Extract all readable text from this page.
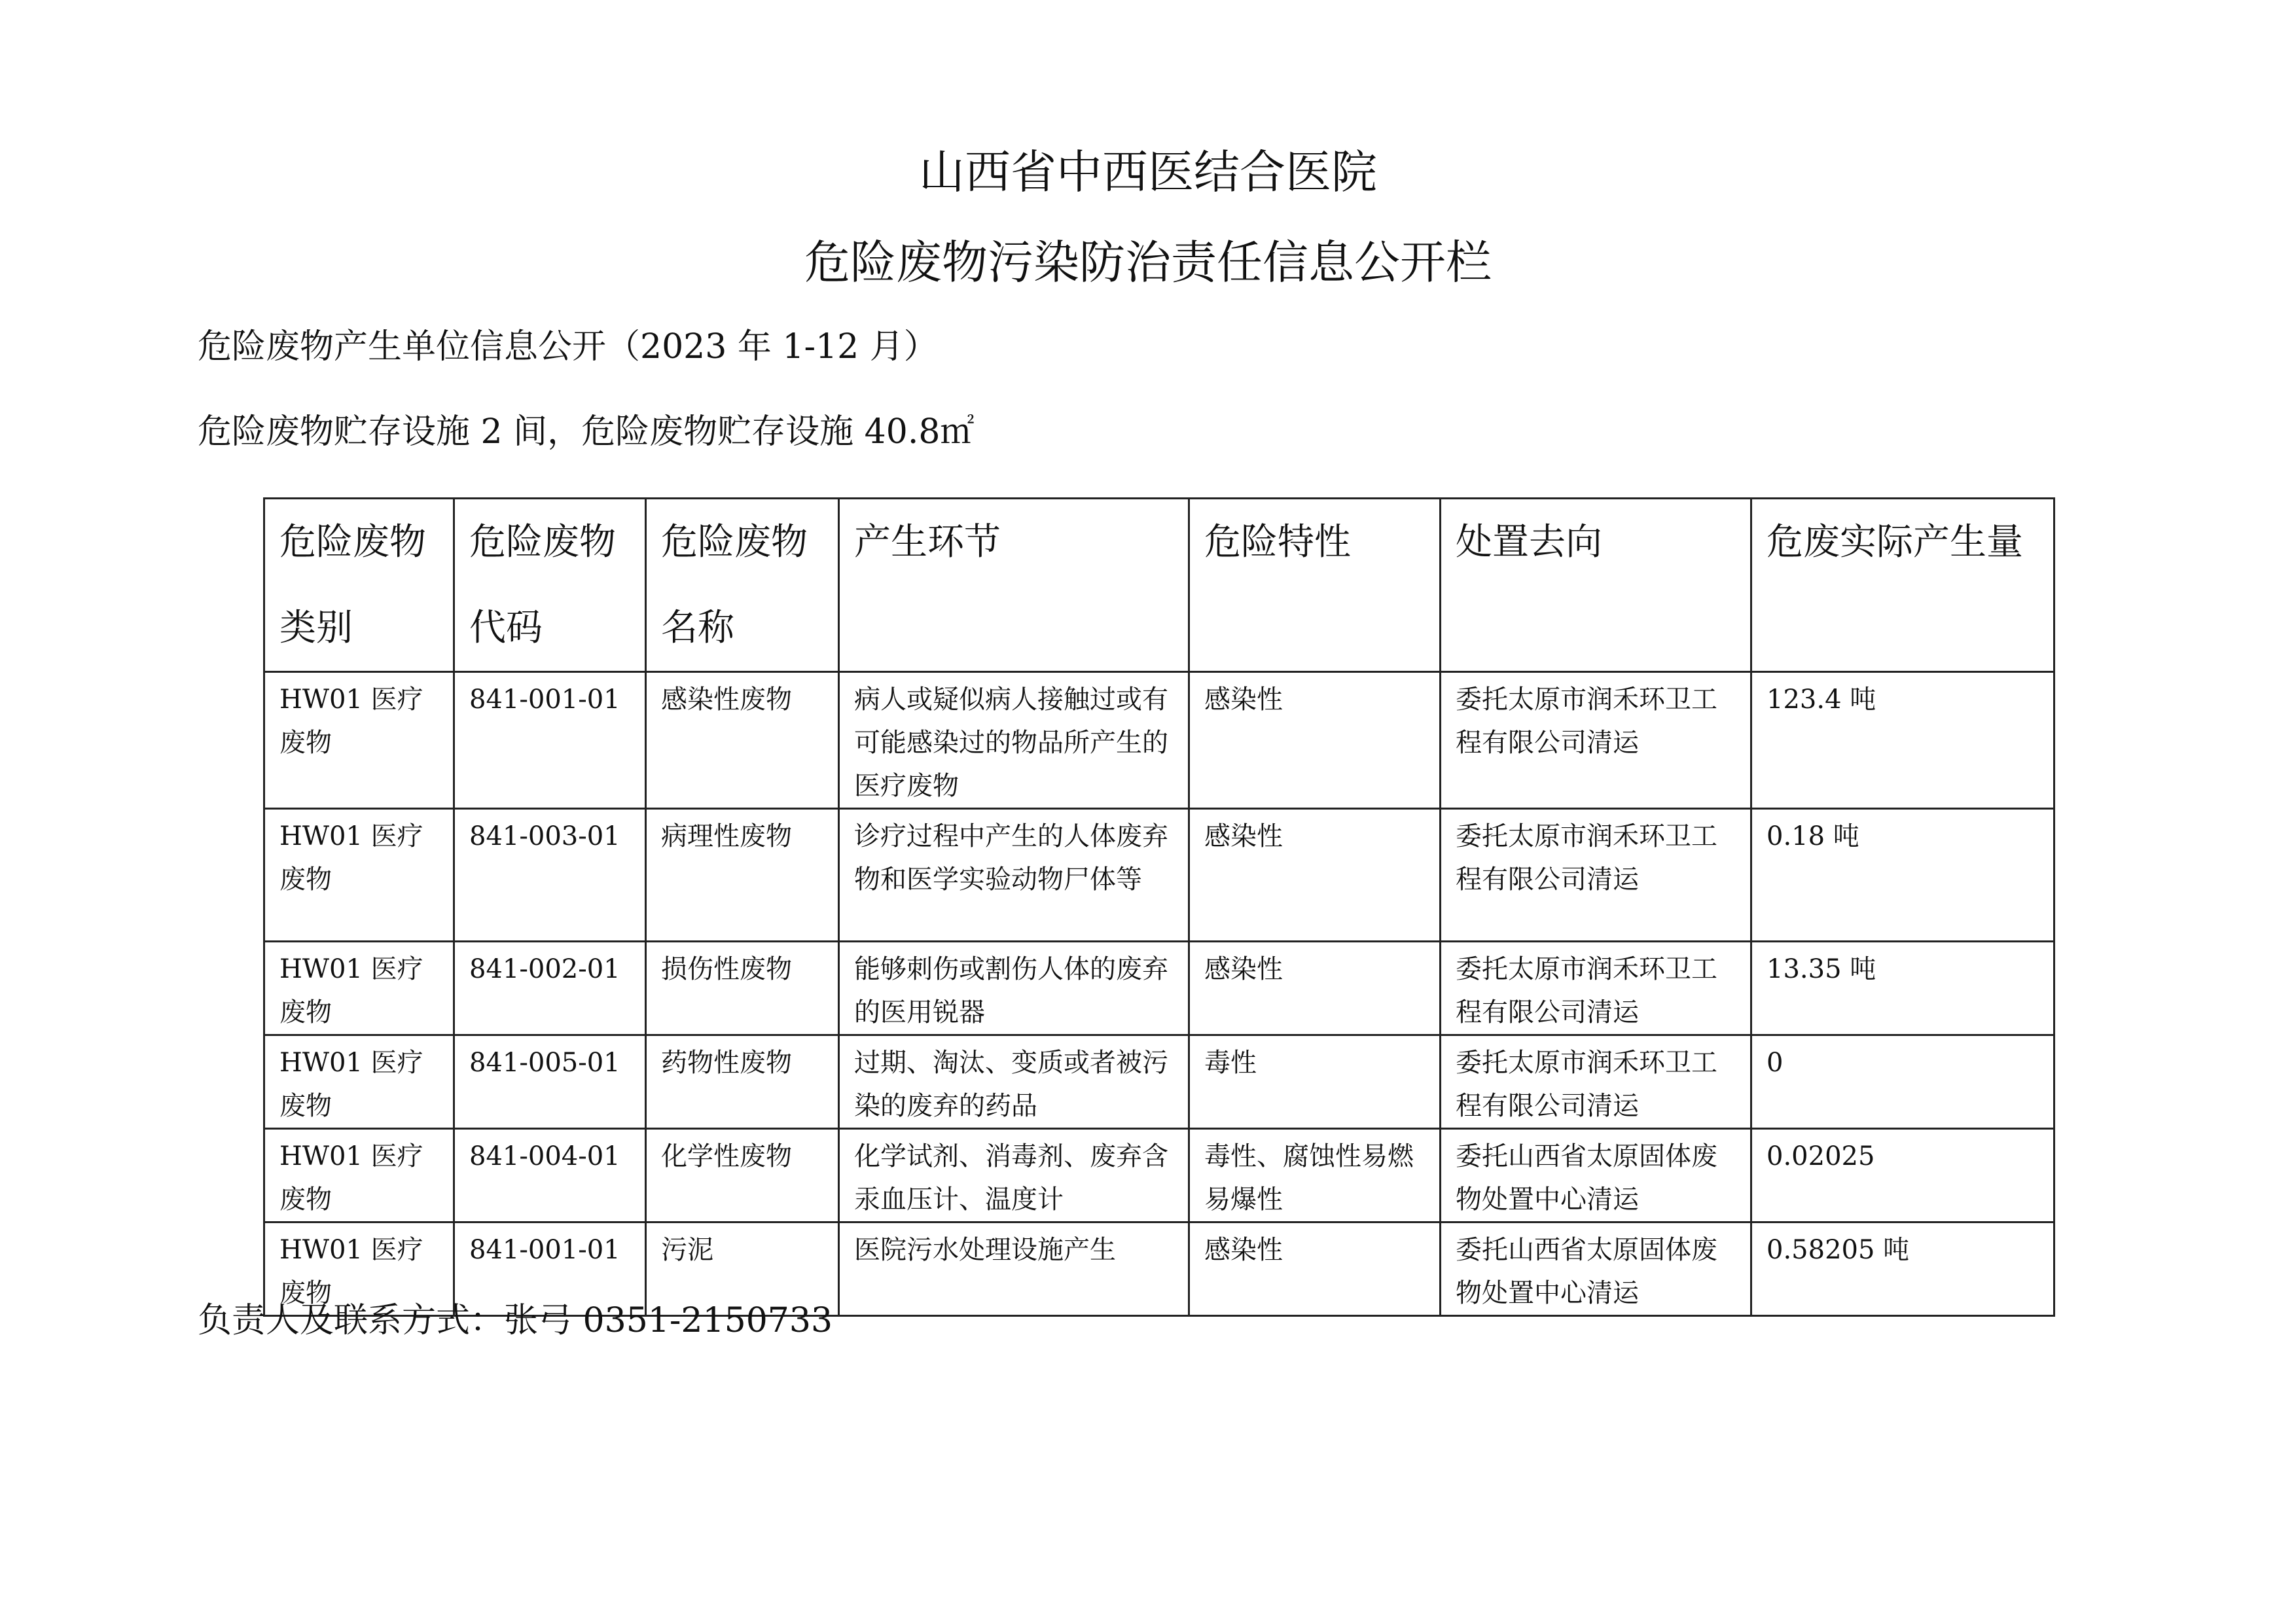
山西省中西医结合医院
危险废物污染防治责任信息公开栏

危险废物产生单位信息公开（2023 年 1-12 月）

危险废物贮存设施 2 间，危险废物贮存设施 40.8㎡

危险废物类别	危险废物代码	危险废物名称	产生环节	危险特性	处置去向	危废实际产生量
HW01 医疗废物	841-001-01	感染性废物	病人或疑似病人接触过或有可能感染过的物品所产生的医疗废物	感染性	委托太原市润禾环卫工程有限公司清运	123.4 吨
HW01 医疗废物	841-003-01	病理性废物	诊疗过程中产生的人体废弃物和医学实验动物尸体等	感染性	委托太原市润禾环卫工程有限公司清运	0.18 吨
HW01 医疗废物	841-002-01	损伤性废物	能够刺伤或割伤人体的废弃的医用锐器	感染性	委托太原市润禾环卫工程有限公司清运	13.35 吨
HW01 医疗废物	841-005-01	药物性废物	过期、淘汰、变质或者被污染的废弃的药品	毒性	委托太原市润禾环卫工程有限公司清运	0
HW01 医疗废物	841-004-01	化学性废物	化学试剂、消毒剂、废弃含汞血压计、温度计	毒性、腐蚀性易燃易爆性	委托山西省太原固体废物处置中心清运	0.02025
HW01 医疗废物	841-001-01	污泥	医院污水处理设施产生	感染性	委托山西省太原固体废物处置中心清运	0.58205 吨

负责人及联系方式：张弓 0351-2150733
